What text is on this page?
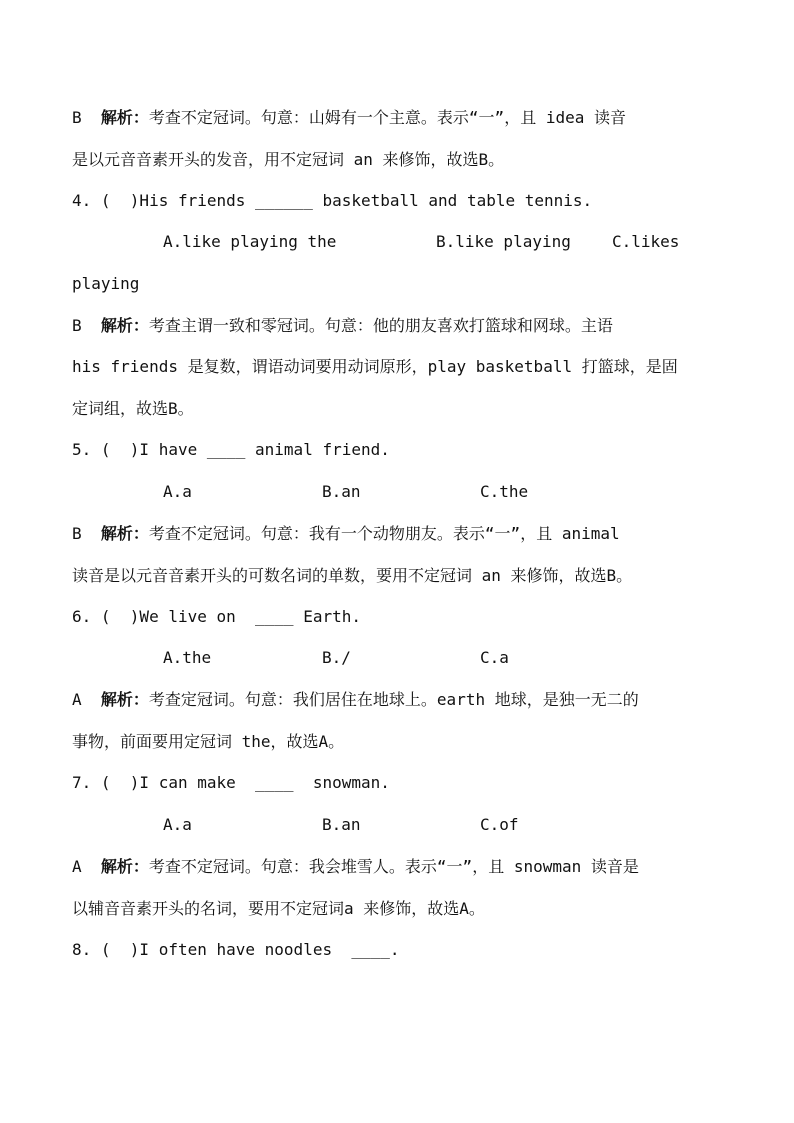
B 解析：考查不定冠词。句意：山姆有一个主意。表示“一”，且 idea 读音
是以元音音素开头的发音，用不定冠词 an 来修饰，故选B。
4. (  )His friends ______ basketball and table tennis.
A.like playing the	B.like playing	C.likes
playing
B 解析：考查主谓一致和零冠词。句意：他的朋友喜欢打篮球和网球。主语
his friends 是复数，谓语动词要用动词原形，play basketball 打篮球，是固
定词组，故选B。
5. (  )I have ____ animal friend.
A.a	B.an	C.the
B 解析：考查不定冠词。句意：我有一个动物朋友。表示“一”，且 animal
读音是以元音音素开头的可数名词的单数，要用不定冠词 an 来修饰，故选B。
6. (  )We live on  ____ Earth.
A.the	B./	C.a
A 解析：考查定冠词。句意：我们居住在地球上。earth 地球，是独一无二的
事物，前面要用定冠词 the，故选A。
7. (  )I can make  ____  snowman.
A.a	B.an	C.of
A 解析：考查不定冠词。句意：我会堆雪人。表示“一”，且 snowman 读音是
以辅音音素开头的名词，要用不定冠词a 来修饰，故选A。
8. (  )I often have noodles  ____.
